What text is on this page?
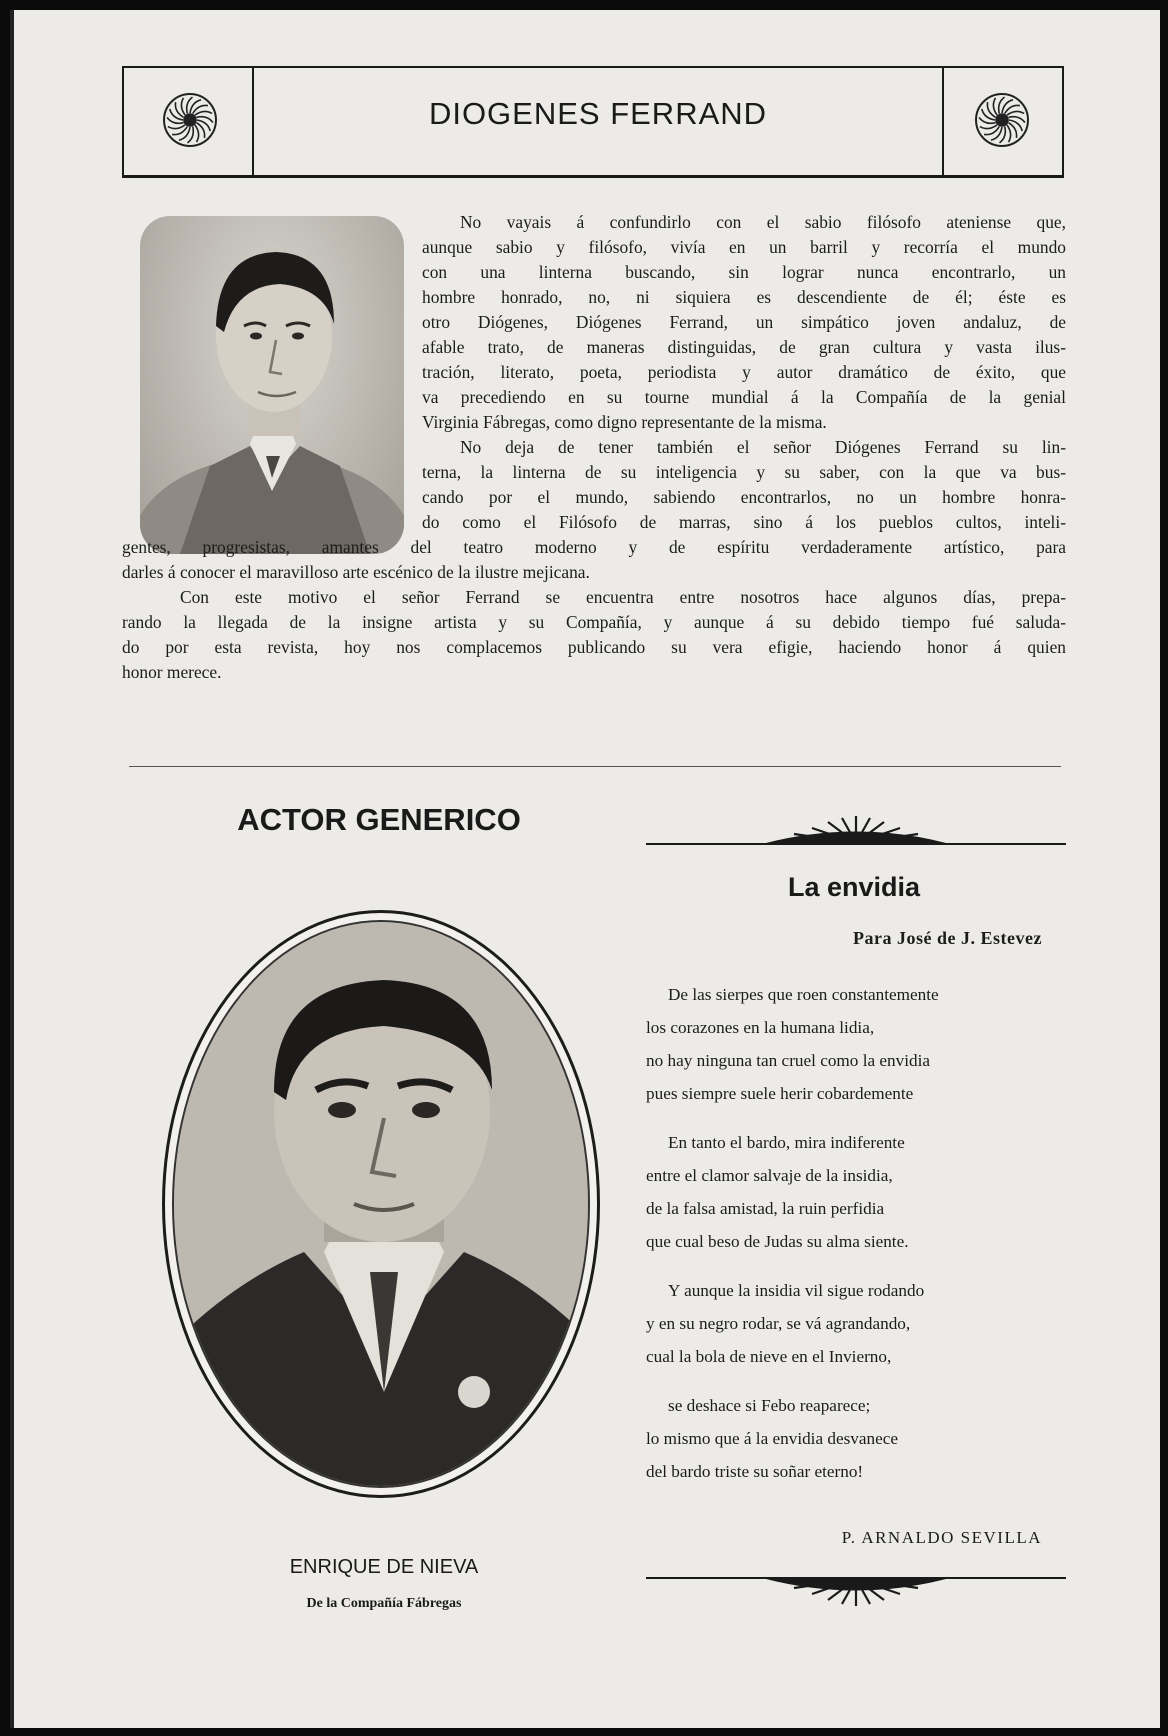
DIOGENES FERRAND
No vayais á confundirlo con el sabio filósofo ateniense que,
aunque sabio y filósofo, vivía en un barril y recorría el mundo
con una linterna buscando, sin lograr nunca encontrarlo, un
hombre honrado, no, ni siquiera es descendiente de él; éste es
otro Diógenes, Diógenes Ferrand, un simpático joven andaluz, de
afable trato, de maneras distinguidas, de gran cultura y vasta ilus-
tración, literato, poeta, periodista y autor dramático de éxito, que
va precediendo en su tourne mundial á la Compañía de la genial
Virginia Fábregas, como digno representante de la misma.
No deja de tener también el señor Diógenes Ferrand su lin-
terna, la linterna de su inteligencia y su saber, con la que va bus-
cando por el mundo, sabiendo encontrarlos, no un hombre honra-
do como el Filósofo de marras, sino á los pueblos cultos, inteli-
gentes, progresistas, amantes del teatro moderno y de espíritu verdaderamente artístico, para
darles á conocer el maravilloso arte escénico de la ilustre mejicana.
Con este motivo el señor Ferrand se encuentra entre nosotros hace algunos días, prepa-
rando la llegada de la insigne artista y su Compañía, y aunque á su debido tiempo fué saluda-
do por esta revista, hoy nos complacemos publicando su vera efigie, haciendo honor á quien
honor merece.
ACTOR GENERICO
ENRIQUE DE NIEVA
De la Compañía Fábregas
La envidia
Para José de J. Estevez
De las sierpes que roen constantemente
los corazones en la humana lidia,
no hay ninguna tan cruel como la envidia
pues siempre suele herir cobardemente
En tanto el bardo, mira indiferente
entre el clamor salvaje de la insidia,
de la falsa amistad, la ruin perfidia
que cual beso de Judas su alma siente.
Y aunque la insidia vil sigue rodando
y en su negro rodar, se vá agrandando,
cual la bola de nieve en el Invierno,
se deshace si Febo reaparece;
lo mismo que á la envidia desvanece
del bardo triste su soñar eterno!
P. ARNALDO SEVILLA
